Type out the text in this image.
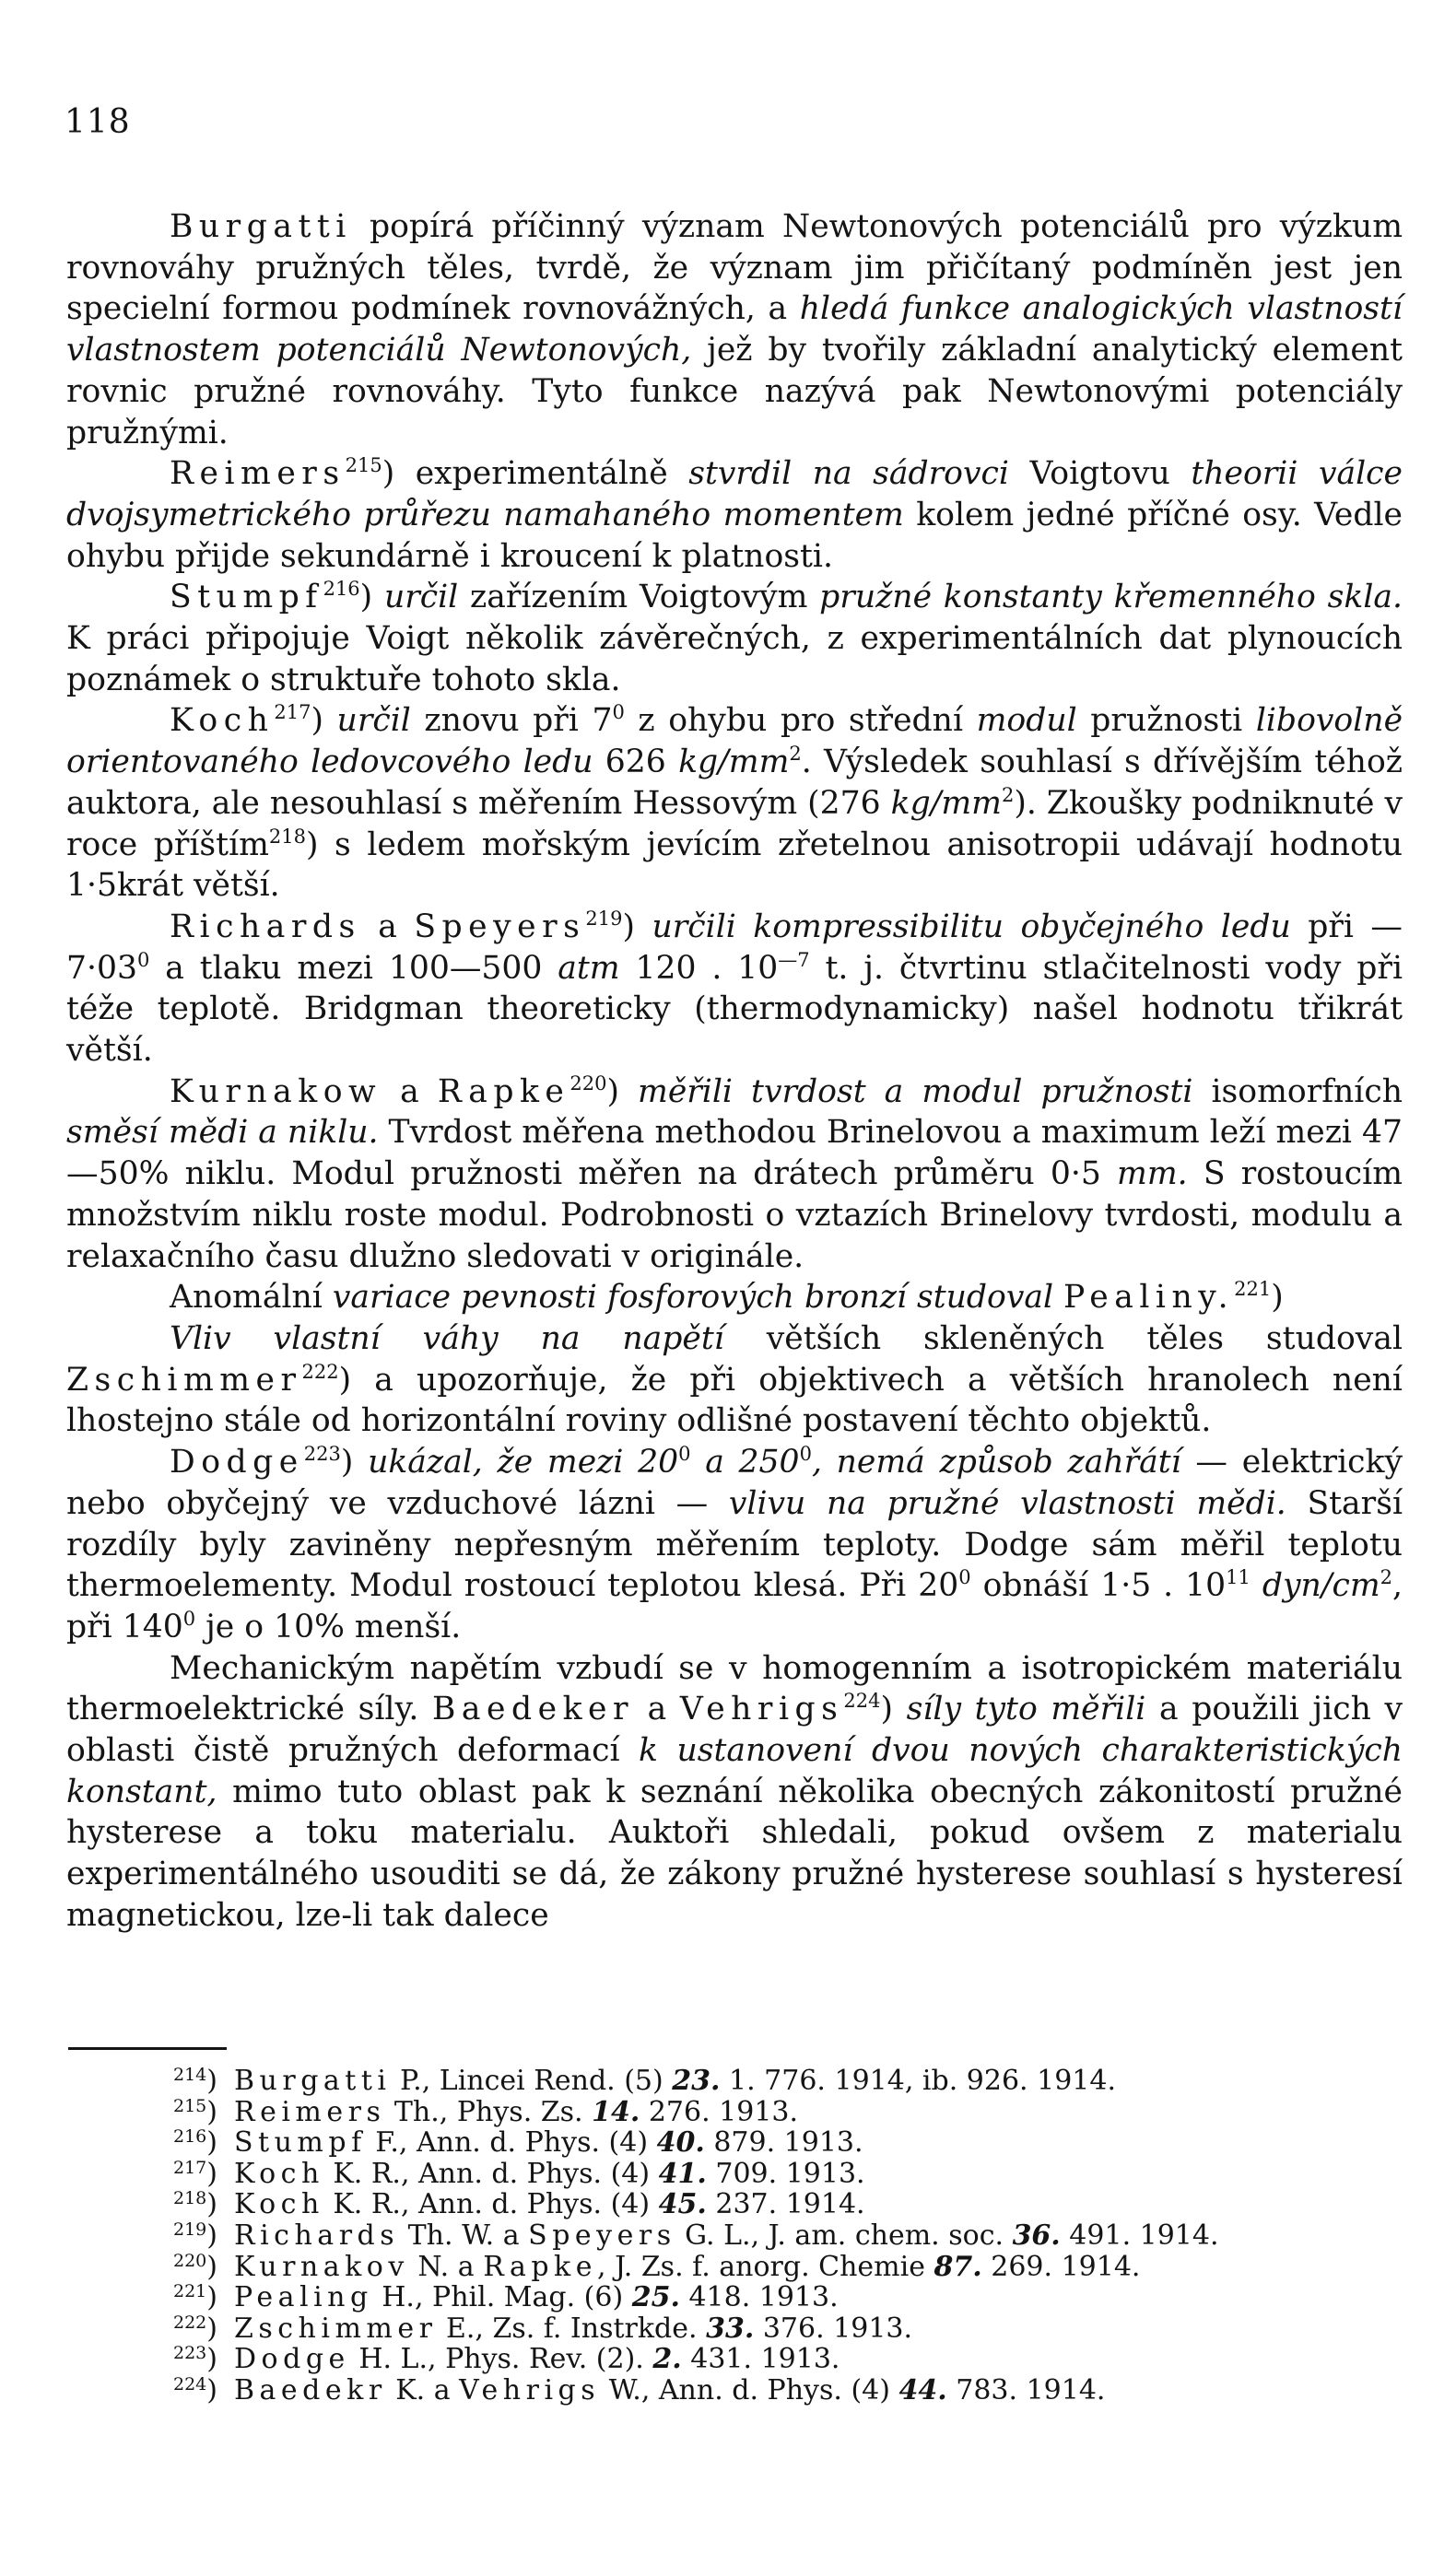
118

Burgatti popírá příčinný význam Newtonových potenciálů pro výzkum rovnováhy pružných těles, tvrdě, že význam jim přičítaný podmíněn jest jen specielní formou podmínek rovnovážných, a hledá funkce analogických vlastností vlastnostem potenciálů Newtonových, jež by tvořily základní analytický element rovnic pružné rovnováhy. Tyto funkce nazývá pak Newtonovými potenciály pružnými.

Reimers$^{215}$) experimentálně stvrdil na sádrovci Voigtovu theorii válce dvojsymetrického průřezu namahaného momentem kolem jedné příčné osy. Vedle ohybu přijde sekundárně i kroucení k platnosti.

Stumpf$^{216}$) určil zařízením Voigtovým pružné konstanty křemenného skla. K práci připojuje Voigt několik závěrečných, z experimentálních dat plynoucích poznámek o struktuře tohoto skla.

Koch$^{217}$) určil znovu při $7^0$ z ohybu pro střední modul pružnosti libovolně orientovaného ledovcového ledu 626 $kg/mm^2$. Výsledek souhlasí s dřívějším téhož auktora, ale nesouhlasí s měřením Hessovým (276 $kg/mm^2$). Zkoušky podniknuté v roce příštím$^{218}$) s ledem mořským jevícím zřetelnou anisotropii udávají hodnotu 1·5krát větší.

Richards a Speyers$^{219}$) určili kompressibilitu obyčejného ledu při — $7\cdot 03^0$ a tlaku mezi 100—500 atm 120 . $10^{—7}$ t. j. čtvrtinu stlačitelnosti vody při téže teplotě. Bridgman theoreticky (thermodynamicky) našel hodnotu třikrát větší.

Kurnakow a Rapke$^{220}$) měřili tvrdost a modul pružnosti isomorfních směsí mědi a niklu. Tvrdost měřena methodou Brinelovou a maximum leží mezi 47—50% niklu. Modul pružnosti měřen na drátech průměru 0·5 mm. S rostoucím množstvím niklu roste modul. Podrobnosti o vztazích Brinelovy tvrdosti, modulu a relaxačního času dlužno sledovati v originále.

Anomální variace pevnosti fosforových bronzí studoval Pealiny.$^{221}$)

Vliv vlastní váhy na napětí větších skleněných těles studoval Zschimmer$^{222}$) a upozorňuje, že při objektivech a větších hranolech není lhostejno stále od horizontální roviny odlišné postavení těchto objektů.

Dodge$^{223}$) ukázal, že mezi $20^0$ a $250^0$, nemá způsob zahřátí — elektrický nebo obyčejný ve vzduchové lázni — vlivu na pružné vlastnosti mědi. Starší rozdíly byly zaviněny nepřesným měřením teploty. Dodge sám měřil teplotu thermoelementy. Modul rostoucí teplotou klesá. Při $20^0$ obnáší 1·5 . $10^{11}$ dyn/$cm^2$, při $140^0$ je o 10% menší.

Mechanickým napětím vzbudí se v homogenním a isotropickém materiálu thermoelektrické síly. Baedeker a Vehrigs$^{224}$) síly tyto měřili a použili jich v oblasti čistě pružných deformací k ustanovení dvou nových charakteristických konstant, mimo tuto oblast pak k seznání několika obecných zákonitostí pružné hysterese a toku materialu. Auktoři shledali, pokud ovšem z materialu experimentálného usouditi se dá, že zákony pružné hysterese souhlasí s hysteresí magnetickou, lze-li tak dalece

$^{214}$) Burgatti P., Lincei Rend. (5) 23. 1. 776. 1914, ib. 926. 1914.
$^{215}$) Reimers Th., Phys. Zs. 14. 276. 1913.
$^{216}$) Stumpf F., Ann. d. Phys. (4) 40. 879. 1913.
$^{217}$) Koch K. R., Ann. d. Phys. (4) 41. 709. 1913.
$^{218}$) Koch K. R., Ann. d. Phys. (4) 45. 237. 1914.
$^{219}$) Richards Th. W. a Speyers G. L., J. am. chem. soc. 36. 491. 1914.
$^{220}$) Kurnakov N. a Rapke, J. Zs. f. anorg. Chemie 87. 269. 1914.
$^{221}$) Pealing H., Phil. Mag. (6) 25. 418. 1913.
$^{222}$) Zschimmer E., Zs. f. Instrkde. 33. 376. 1913.
$^{223}$) Dodge H. L., Phys. Rev. (2). 2. 431. 1913.
$^{224}$) Baedekr K. a Vehrigs W., Ann. d. Phys. (4) 44. 783. 1914.
